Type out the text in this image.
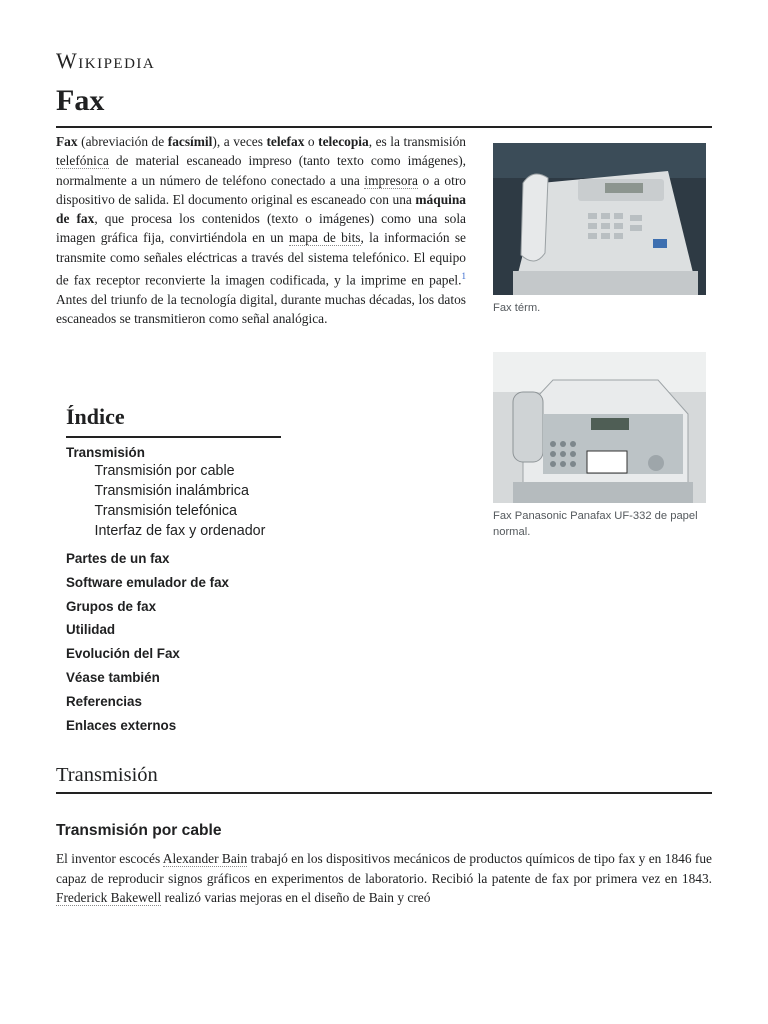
Wikipedia
Fax

Fax (abreviación de facsímil), a veces telefax o telecopia, es la transmisión telefónica de material escaneado impreso (tanto texto como imágenes), normalmente a un número de teléfono conectado a una impresora o a otro dispositivo de salida. El documento original es escaneado con una máquina de fax, que procesa los contenidos (texto o imágenes) como una sola imagen gráfica fija, convirtiéndola en un mapa de bits, la información se transmite como señales eléctricas a través del sistema telefónico. El equipo de fax receptor reconvierte la imagen codificada, y la imprime en papel.$^1$ Antes del triunfo de la tecnología digital, durante muchas décadas, los datos escaneados se transmitieron como señal analógica.

Fax térm.
Fax Panasonic Panafax UF-332 de papel normal.
Índice
Transmisión
Transmisión por cable
Transmisión inalámbrica
Transmisión telefónica
Interfaz de fax y ordenador
Partes de un fax
Software emulador de fax
Grupos de fax
Utilidad
Evolución del Fax
Véase también
Referencias
Enlaces externos
Transmisión
Transmisión por cable

El inventor escocés Alexander Bain trabajó en los dispositivos mecánicos de productos químicos de tipo fax y en 1846 fue capaz de reproducir signos gráficos en experimentos de laboratorio. Recibió la patente de fax por primera vez en 1843. Frederick Bakewell realizó varias mejoras en el diseño de Bain y creó
